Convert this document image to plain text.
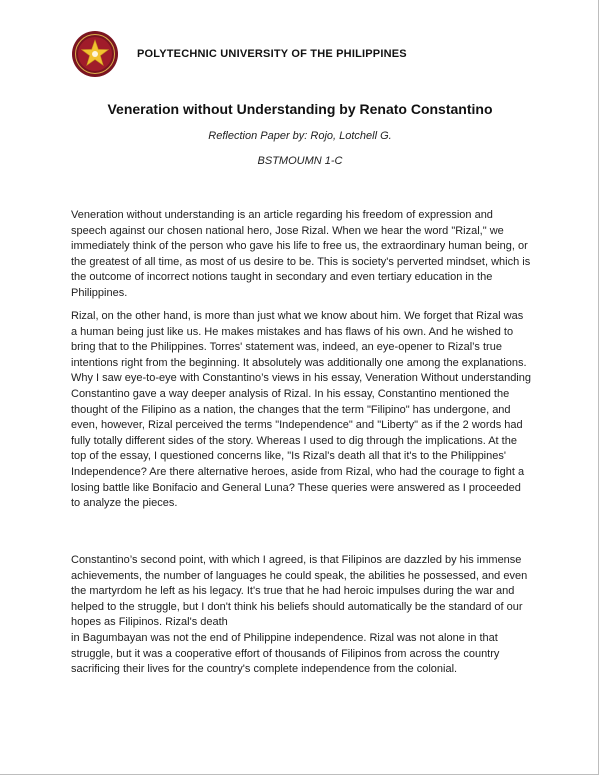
POLYTECHNIC UNIVERSITY OF THE PHILIPPINES
Veneration without Understanding by Renato Constantino
Reflection Paper by: Rojo, Lotchell G.
BSTMOUMN 1-C

Veneration without understanding is an article regarding his freedom of expression and speech against our chosen national hero, Jose Rizal. When we hear the word "Rizal," we immediately think of the person who gave his life to free us, the extraordinary human being, or the greatest of all time, as most of us desire to be. This is society's perverted mindset, which is the outcome of incorrect notions taught in secondary and even tertiary education in the Philippines.

Rizal, on the other hand, is more than just what we know about him. We forget that Rizal was a human being just like us. He makes mistakes and has flaws of his own. And he wished to bring that to the Philippines. Torres' statement was, indeed, an eye-opener to Rizal’s true intentions right from the beginning. It absolutely was additionally one among the explanations. Why I saw eye-to-eye with Constantino’s views in his essay, Veneration Without understanding Constantino gave a way deeper analysis of Rizal. In his essay, Constantino mentioned the thought of the Filipino as a nation, the changes that the term "Filipino" has undergone, and even, however, Rizal perceived the terms "Independence" and "Liberty" as if the 2 words had fully totally different sides of the story. Whereas I used to dig through the implications. At the top of the essay, I questioned concerns like, "Is Rizal's death all that it's to the Philippines' Independence? Are there alternative heroes, aside from Rizal, who had the courage to fight a losing battle like Bonifacio and General Luna? These queries were answered as I proceeded to analyze the pieces.

Constantino’s second point, with which I agreed, is that Filipinos are dazzled by his immense achievements, the number of languages he could speak, the abilities he possessed, and even the martyrdom he left as his legacy. It's true that he had heroic impulses during the war and helped to the struggle, but I don't think his beliefs should automatically be the standard of our hopes as Filipinos. Rizal's death
in Bagumbayan was not the end of Philippine independence. Rizal was not alone in that struggle, but it was a cooperative effort of thousands of Filipinos from across the country sacrificing their lives for the country's complete independence from the colonial.
